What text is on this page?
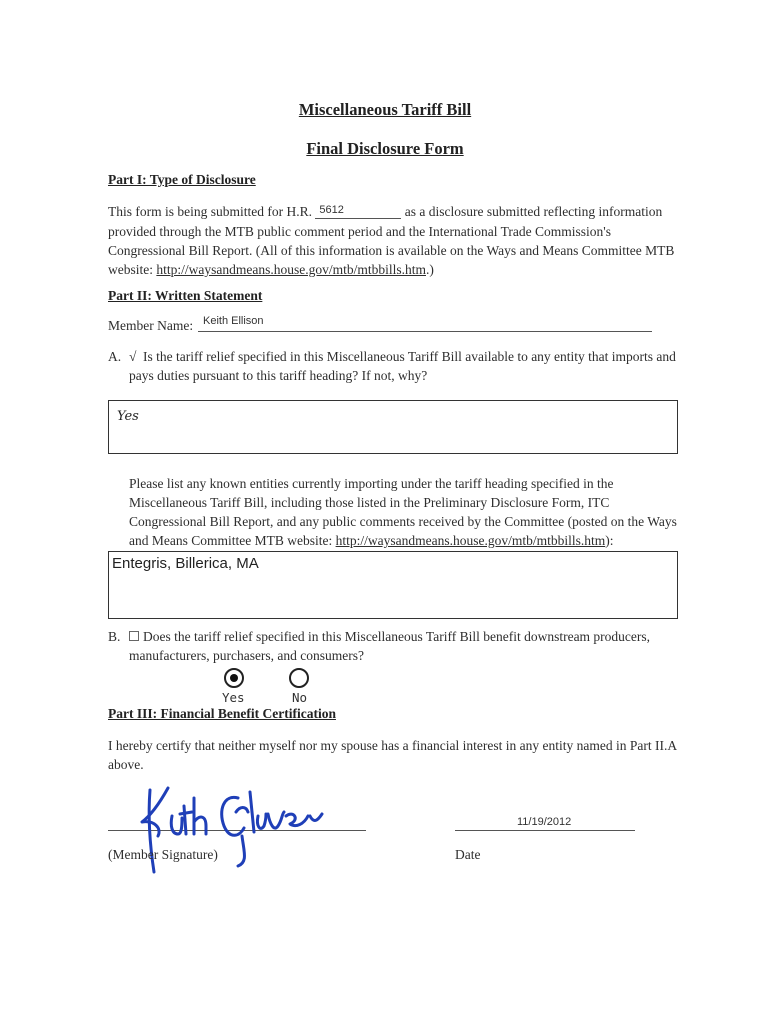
Miscellaneous Tariff Bill
Final Disclosure Form
Part I: Type of Disclosure
This form is being submitted for H.R. 5612	as a disclosure submitted reflecting information
provided through the MTB public comment period and the International Trade Commission's
Congressional Bill Report. (All of this information is available on the Ways and Means Committee MTB
website: http://waysandmeans.house.gov/mtb/mtbbills.htm.)
Part II: Written Statement
Member Name: Keith Ellison
A. √ Is the tariff relief specified in this Miscellaneous Tariff Bill available to any entity that imports and
pays duties pursuant to this tariff heading? If not, why?
Yes
Please list any known entities currently importing under the tariff heading specified in the
Miscellaneous Tariff Bill, including those listed in the Preliminary Disclosure Form, ITC
Congressional Bill Report, and any public comments received by the Committee (posted on the Ways
and Means Committee MTB website: http://waysandmeans.house.gov/mtb/mtbbills.htm):
Entegris, Billerica, MA
B.	Does the tariff relief specified in this Miscellaneous Tariff Bill benefit downstream producers,
manufacturers, purchasers, and consumers?
Yes	No
Part III: Financial Benefit Certification
I hereby certify that neither myself nor my spouse has a financial interest in any entity named in Part II.A
above.
(Member Signature)
11/19/2012
Date
